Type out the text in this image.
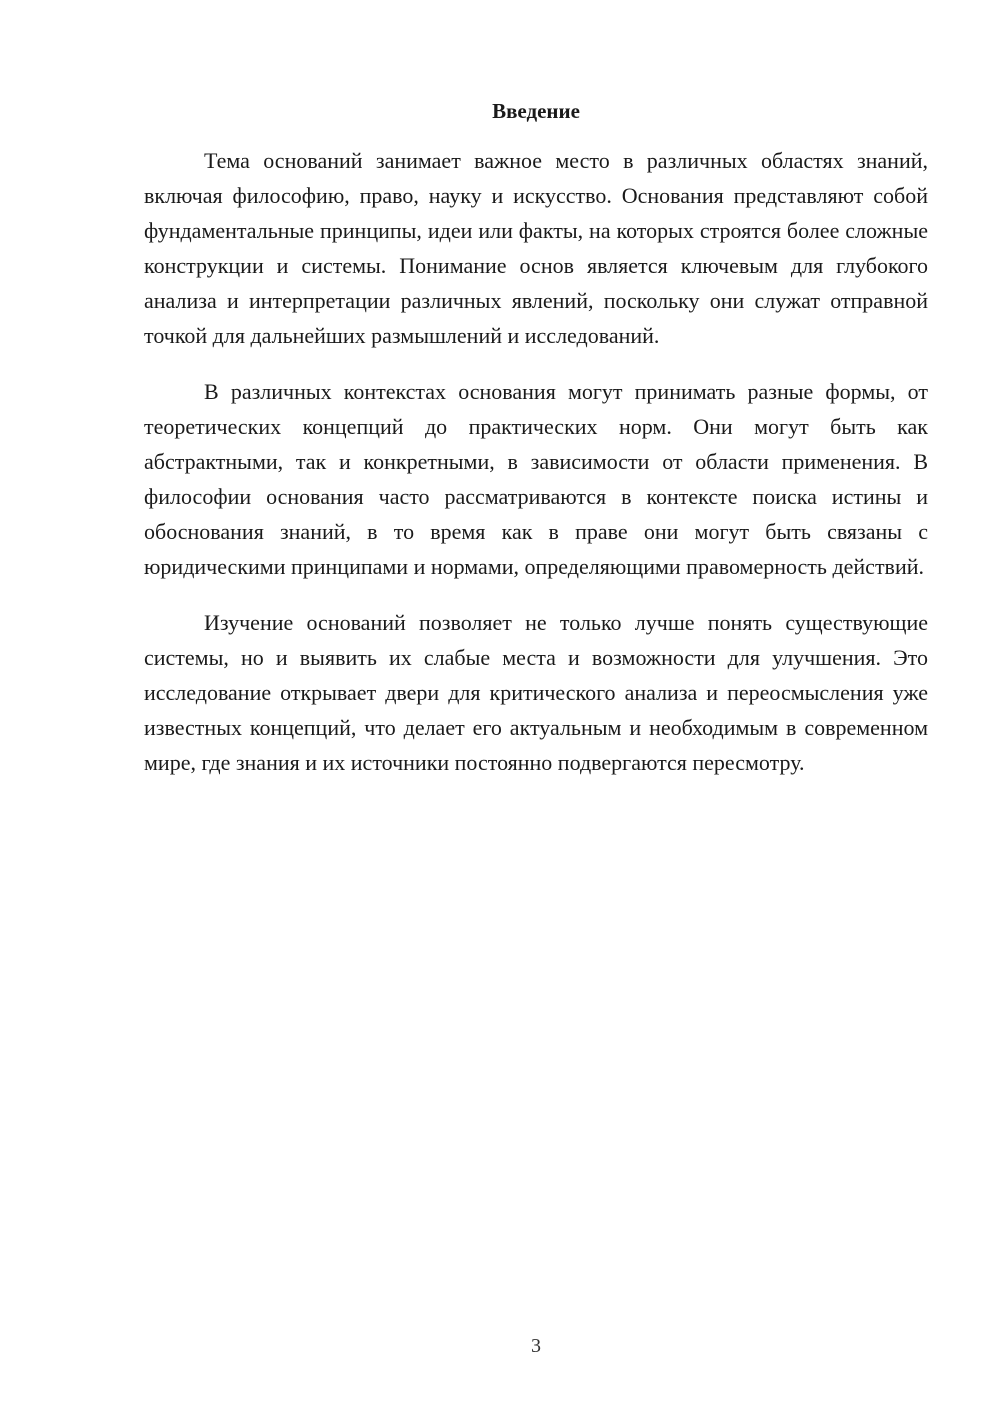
Введение

Тема оснований занимает важное место в различных областях знаний, включая философию, право, науку и искусство. Основания представляют собой фундаментальные принципы, идеи или факты, на которых строятся более сложные конструкции и системы. Понимание основ является ключевым для глубокого анализа и интерпретации различных явлений, поскольку они служат отправной точкой для дальнейших размышлений и исследований.

В различных контекстах основания могут принимать разные формы, от теоретических концепций до практических норм. Они могут быть как абстрактными, так и конкретными, в зависимости от области применения. В философии основания часто рассматриваются в контексте поиска истины и обоснования знаний, в то время как в праве они могут быть связаны с юридическими принципами и нормами, определяющими правомерность действий.

Изучение оснований позволяет не только лучше понять существующие системы, но и выявить их слабые места и возможности для улучшения. Это исследование открывает двери для критического анализа и переосмысления уже известных концепций, что делает его актуальным и необходимым в современном мире, где знания и их источники постоянно подвергаются пересмотру.

3
